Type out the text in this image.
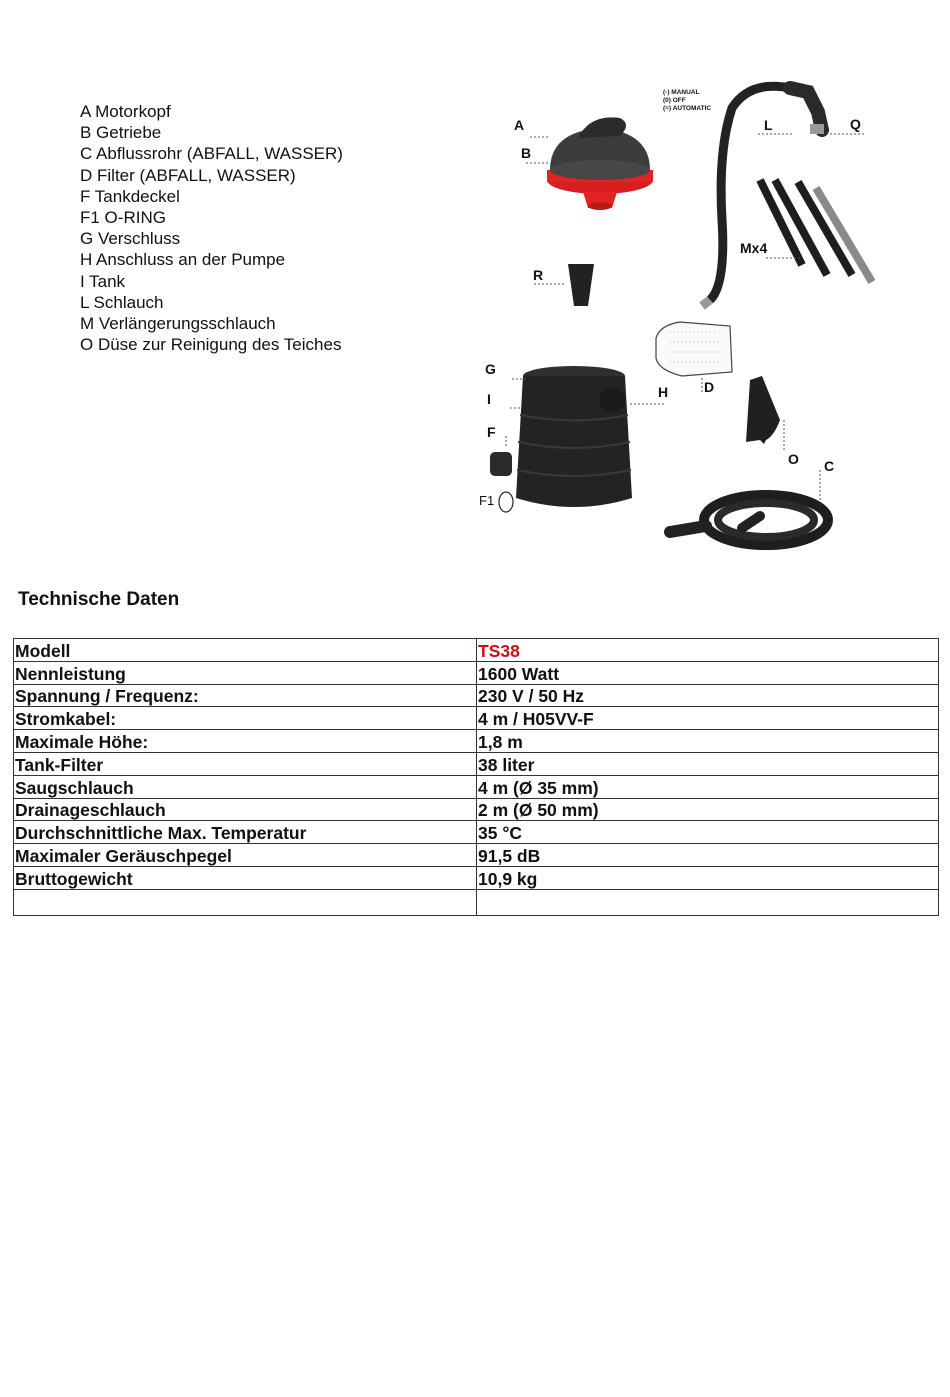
A Motorkopf
B Getriebe
C Abflussrohr (ABFALL, WASSER)
D Filter (ABFALL, WASSER)
F Tankdeckel
F1 O-RING
G Verschluss
H Anschluss an der Pumpe
I Tank
L Schlauch
M Verlängerungsschlauch
O Düse zur Reinigung des Teiches
A
B
(-) MANUAL
(0) OFF
(=) AUTOMATIC
L	Q
Mx4
R
D
G
I	H
F
F1
O C
Technische Daten
Modell	TS38
Nennleistung	1600 Watt
Spannung / Frequenz:	230 V / 50 Hz
Stromkabel:	4 m / H05VV-F
Maximale Höhe:	1,8 m
Tank-Filter	38 liter
Saugschlauch	4 m (Ø 35 mm)
Drainageschlauch	2 m (Ø 50 mm)
Durchschnittliche Max. Temperatur	35 °C
Maximaler Geräuschpegel	91,5 dB
Bruttogewicht	10,9 kg
